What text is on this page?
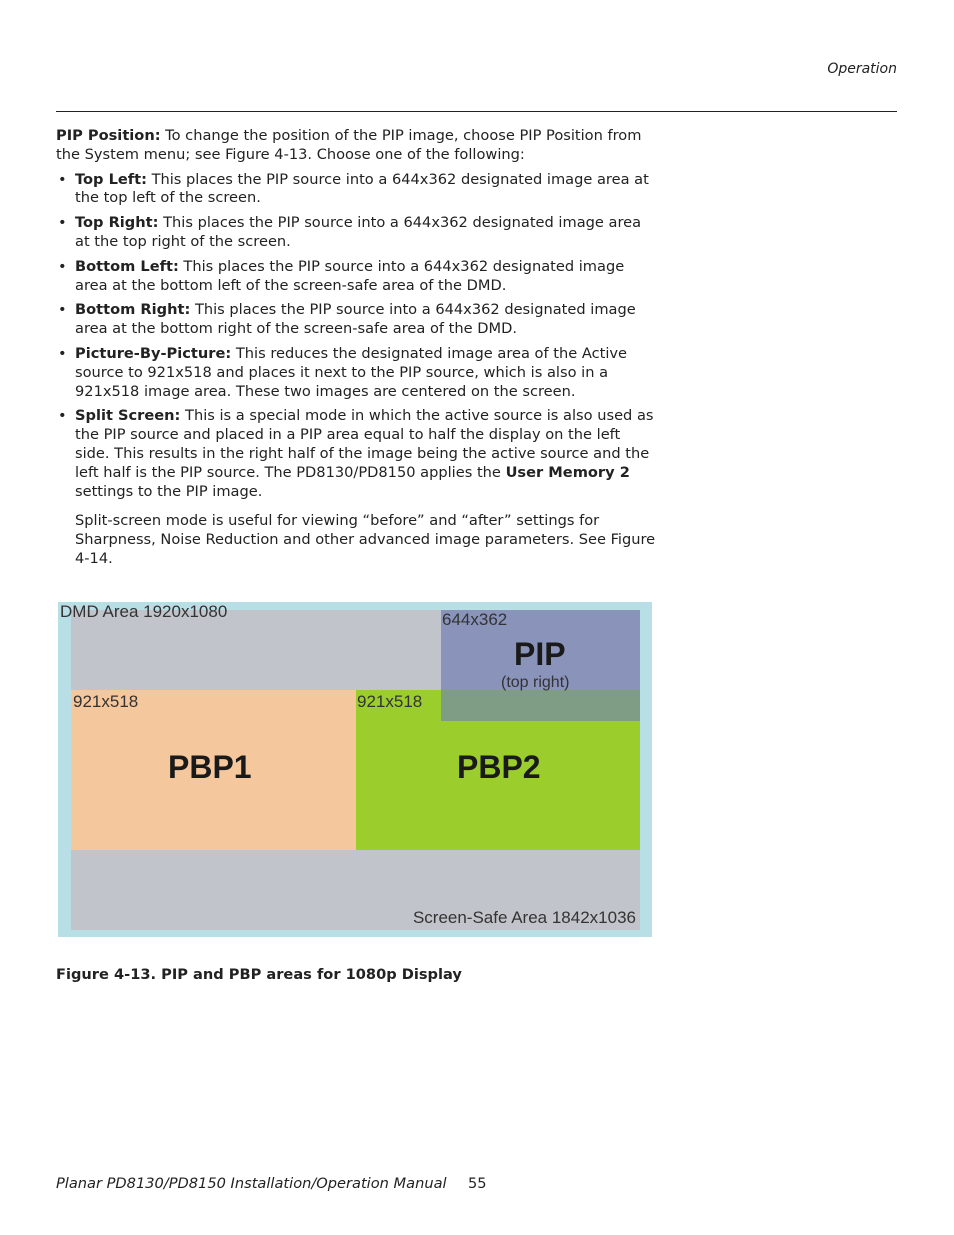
Operation

PIP Position: To change the position of the PIP image, choose PIP Position from the System menu; see Figure 4-13. Choose one of the following:

• Top Left: This places the PIP source into a 644x362 designated image area at the top left of the screen.
• Top Right: This places the PIP source into a 644x362 designated image area at the top right of the screen.
• Bottom Left: This places the PIP source into a 644x362 designated image area at the bottom left of the screen-safe area of the DMD.
• Bottom Right: This places the PIP source into a 644x362 designated image area at the bottom right of the screen-safe area of the DMD.
• Picture-By-Picture: This reduces the designated image area of the Active source to 921x518 and places it next to the PIP source, which is also in a 921x518 image area. These two images are centered on the screen.
• Split Screen: This is a special mode in which the active source is also used as the PIP source and placed in a PIP area equal to half the display on the left side. This results in the right half of the image being the active source and the left half is the PIP source. The PD8130/PD8150 applies the User Memory 2 settings to the PIP image.

Split-screen mode is useful for viewing “before” and “after” settings for Sharpness, Noise Reduction and other advanced image parameters. See Figure 4-14.

DMD Area 1920x1080	644x362
PIP
(top right)
921x518	921x518
PBP1	PBP2
Screen-Safe Area 1842x1036
Figure 4-13. PIP and PBP areas for 1080p Display
Planar PD8130/PD8150 Installation/Operation Manual 55
